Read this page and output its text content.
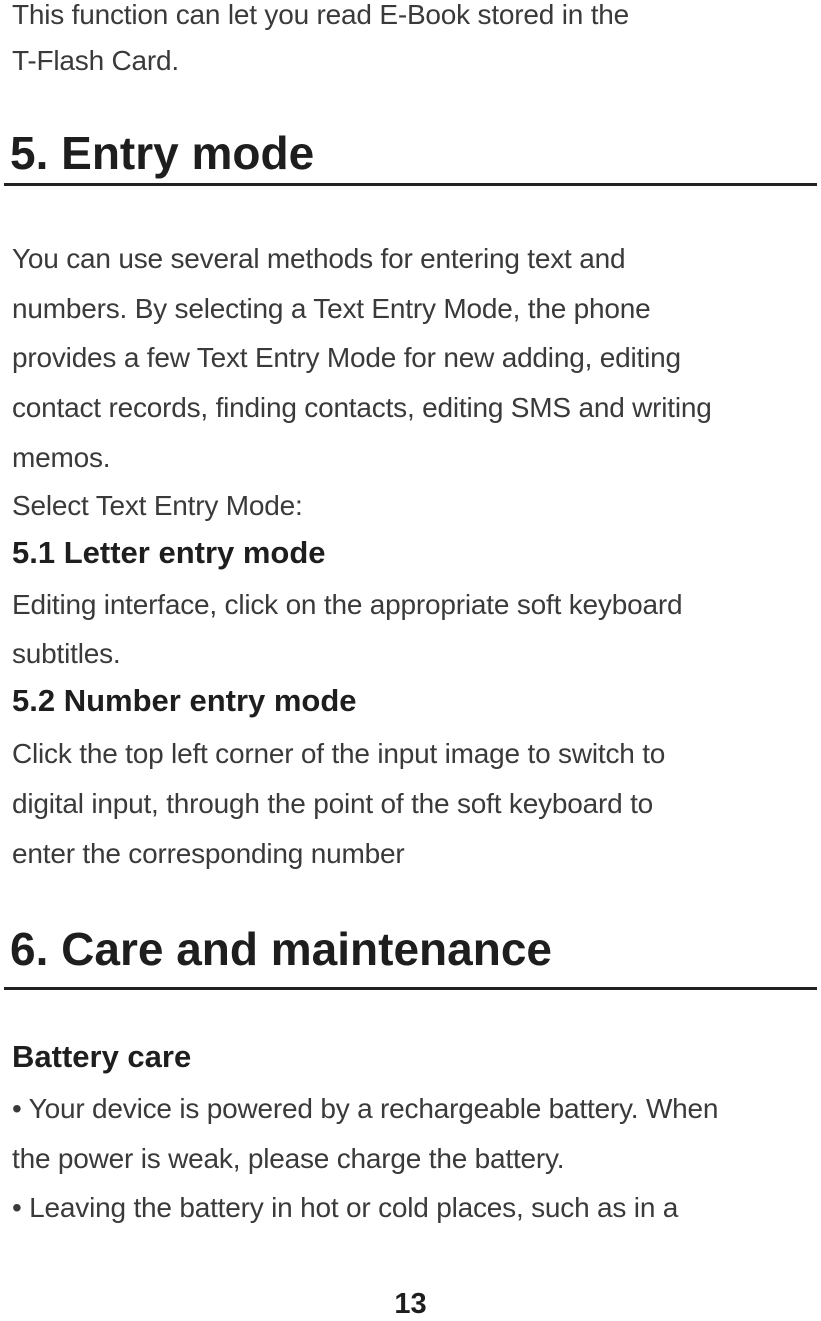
This function can let you read E-Book stored in the

T-Flash Card.

5. Entry mode

You can use several methods for entering text and

numbers. By selecting a Text Entry Mode, the phone

provides a few Text Entry Mode for new adding, editing

contact records, finding contacts, editing SMS and writing

memos.

Select Text Entry Mode:

5.1 Letter entry mode

Editing interface, click on the appropriate soft keyboard

subtitles.

5.2 Number entry mode

Click the top left corner of the input image to switch to

digital input, through the point of the soft keyboard to

enter the corresponding number

6. Care and maintenance
Battery care

• Your device is powered by a rechargeable battery. When

the power is weak, please charge the battery.

• Leaving the battery in hot or cold places, such as in a

13
